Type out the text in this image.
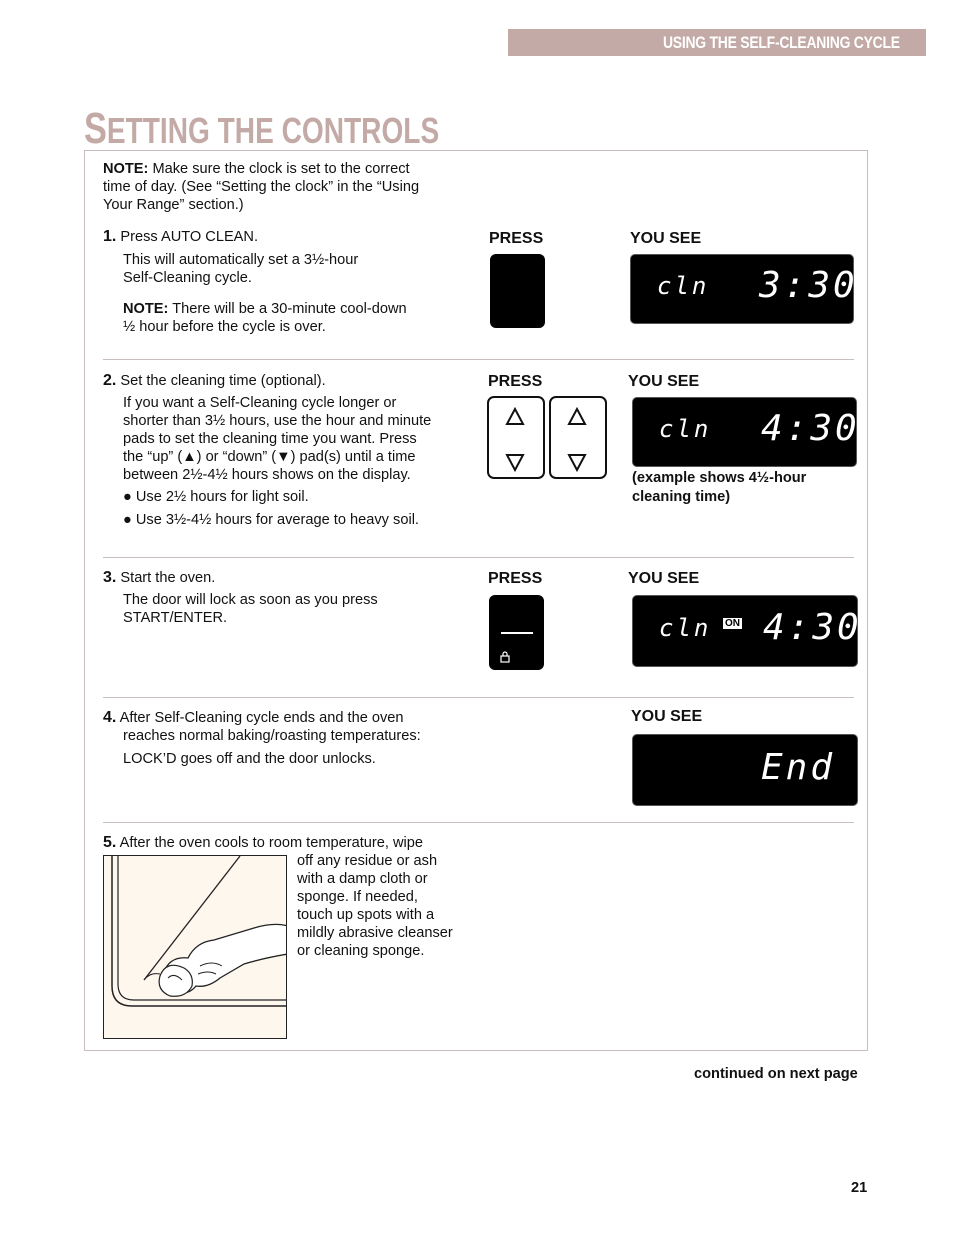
USING THE SELF-CLEANING CYCLE
SETTING THE CONTROLS
NOTE: Make sure the clock is set to the correct
time of day. (See “Setting the clock” in the “Using
Your Range” section.)
1. Press AUTO CLEAN.
This will automatically set a 3½-hour
Self-Cleaning cycle.
NOTE: There will be a 30-minute cool-down
½ hour before the cycle is over.
PRESS	YOU SEE
cln 3:30
2. Set the cleaning time (optional).
If you want a Self-Cleaning cycle longer or
shorter than 3½ hours, use the hour and minute
pads to set the cleaning time you want. Press
the “up” (▲) or “down” (▼) pad(s) until a time
between 2½-4½ hours shows on the display.
● Use 2½ hours for light soil.
● Use 3½-4½ hours for average to heavy soil.
PRESS	YOU SEE
cln 4:30
(example shows 4½-hour
cleaning time)
3. Start the oven.
The door will lock as soon as you press
START/ENTER.
PRESS	YOU SEE
cln ON 4:30
4. After Self-Cleaning cycle ends and the oven
reaches normal baking/roasting temperatures:
LOCK’D goes off and the door unlocks.
YOU SEE
End
5. After the oven cools to room temperature, wipe
off any residue or ash
with a damp cloth or
sponge. If needed,
touch up spots with a
mildly abrasive cleanser
or cleaning sponge.
continued on next page
21
